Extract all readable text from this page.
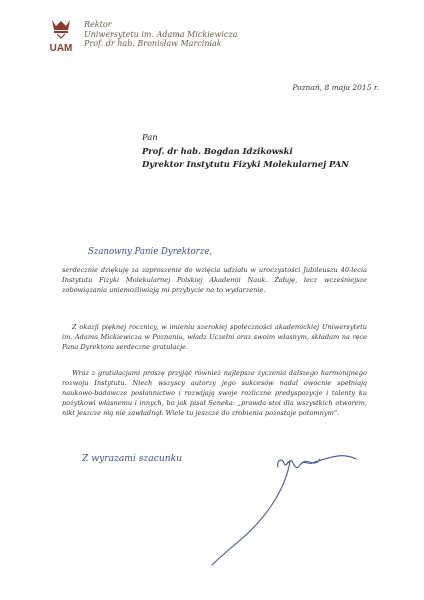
UAM
Rektor
Uniwersytetu im. Adama Mickiewicza
Prof. dr hab. Bronisław Marciniak
Poznań, 8 maja 2015 r.
Pan
Prof. dr hab. Bogdan Idzikowski
Dyrektor Instytutu Fizyki Molekularnej PAN
Szanowny Panie Dyrektorze,
serdecznie dziękuję za zaproszenie do wzięcia udziału w uroczystości Jubileuszu 40-lecia Instytutu Fizyki Molekularnej Polskiej Akademii Nauk. Żałuję, lecz wcześniejsze zobowiązania uniemożliwiają mi przybycie na to wydarzenie.
Z okazji pięknej rocznicy, w imieniu szerokiej społeczności akademickiej Uniwersytetu im. Adama Mickiewicza w Poznaniu, władz Uczelni oraz swoim własnym, składam na ręce Pana Dyrektora serdeczne gratulacje.
Wraz z gratulacjami proszę przyjąć również najlepsze życzenia dalszego harmonijnego rozwoju Instytutu. Niech wszyscy autorzy jego sukcesów nadal owocnie spełniają naukowo-badawcze posłannictwo i rozwijają swoje rozliczne predyspozycje i talenty ku pożytkowi własnemu i innych, bo jak pisał Seneka: „prawda stoi dla wszystkich otworem, nikt jeszcze nią nie zawładnął. Wiele tu jeszcze do zrobienia pozostaje potomnym”.
Z wyrazami szacunku
